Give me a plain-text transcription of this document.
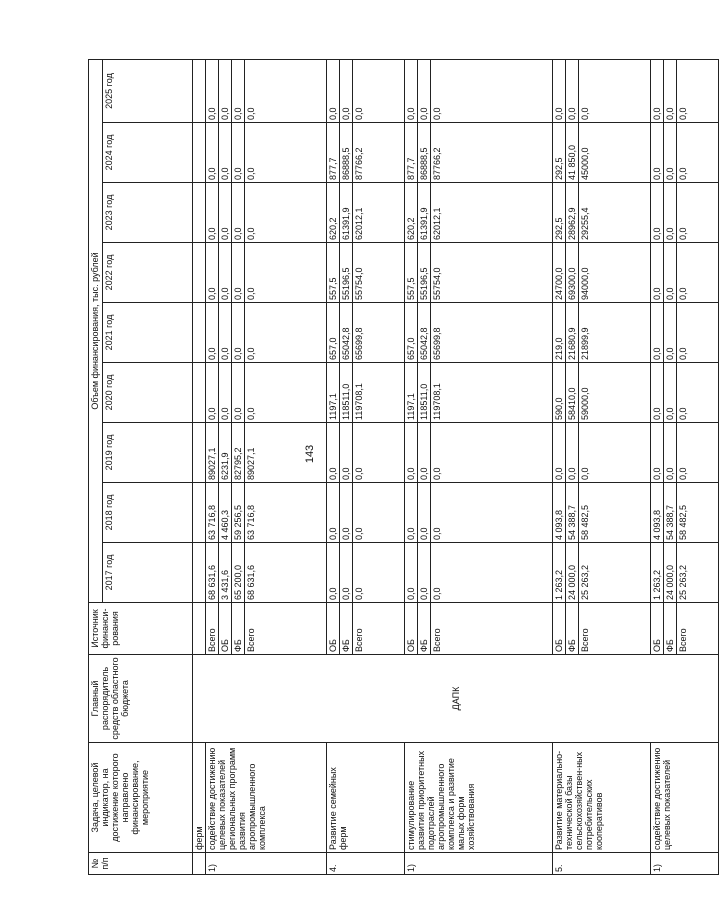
143
№ п/п	Задача, целевой индикатор, на достижение которого направлено финансирование, мероприятие	Главный распорядитель средств областного бюджета	Источник финанси-рования	Объем финансирования, тыс. рублей								
				2017 год	2018 год	2019 год	2020 год	2021 год	2022 год	2023 год	2024 год	2025 год
	ферм	ДАПК										
1)	содействие достижению целевых показателей региональных программ развития агропромышленного комплекса		Всего	68 631,6	63 716,8	89027,1	0,0	0,0	0,0	0,0	0,0	0,0
			ОБ	3 431,6	4 460,3	6231,9	0,0	0,0	0,0	0,0	0,0	0,0
			ФБ	65 200,0	59 256,5	82795,2	0,0	0,0	0,0	0,0	0,0	0,0
			Всего	68 631,6	63 716,8	89027,1	0,0	0,0	0,0	0,0	0,0	0,0
4.	Развитие семейных ферм		ОБ	0,0	0,0	0,0	1197,1	657,0	557,5	620,2	877,7	0,0
			ФБ	0,0	0,0	0,0	118511,0	65042,8	55196,5	61391,9	86888,5	0,0
			Всего	0,0	0,0	0,0	119708,1	65699,8	55754,0	62012,1	87766,2	0,0
1)	стимулирование развития приоритетных подотраслей агропромышленного комплекса и развитие малых форм хозяйствования		ОБ	0,0	0,0	0,0	1197,1	657,0	557,5	620,2	877,7	0,0
			ФБ	0,0	0,0	0,0	118511,0	65042,8	55196,5	61391,9	86888,5	0,0
			Всего	0,0	0,0	0,0	119708,1	65699,8	55754,0	62012,1	87766,2	0,0
5.	Развитие материально-технической базы сельскохозяйствен-ных потребительских кооперативов		ОБ	1 263,2	4 093,8	0,0	590,0	219,0	24700,0	292,5	292,5	0,0
			ФБ	24 000,0	54 388,7	0,0	58410,0	21680,9	69300,0	28962,9	41 850,0	0,0
			Всего	25 263,2	58 482,5	0,0	59000,0	21899,9	94000,0	29255,4	45000,0	0,0
1)	содействие достижению целевых показателей		ОБ	1 263,2	4 093,8	0,0	0,0	0,0	0,0	0,0	0,0	0,0
			ФБ	24 000,0	54 388,7	0,0	0,0	0,0	0,0	0,0	0,0	0,0
			Всего	25 263,2	58 482,5	0,0	0,0	0,0	0,0	0,0	0,0	0,0
